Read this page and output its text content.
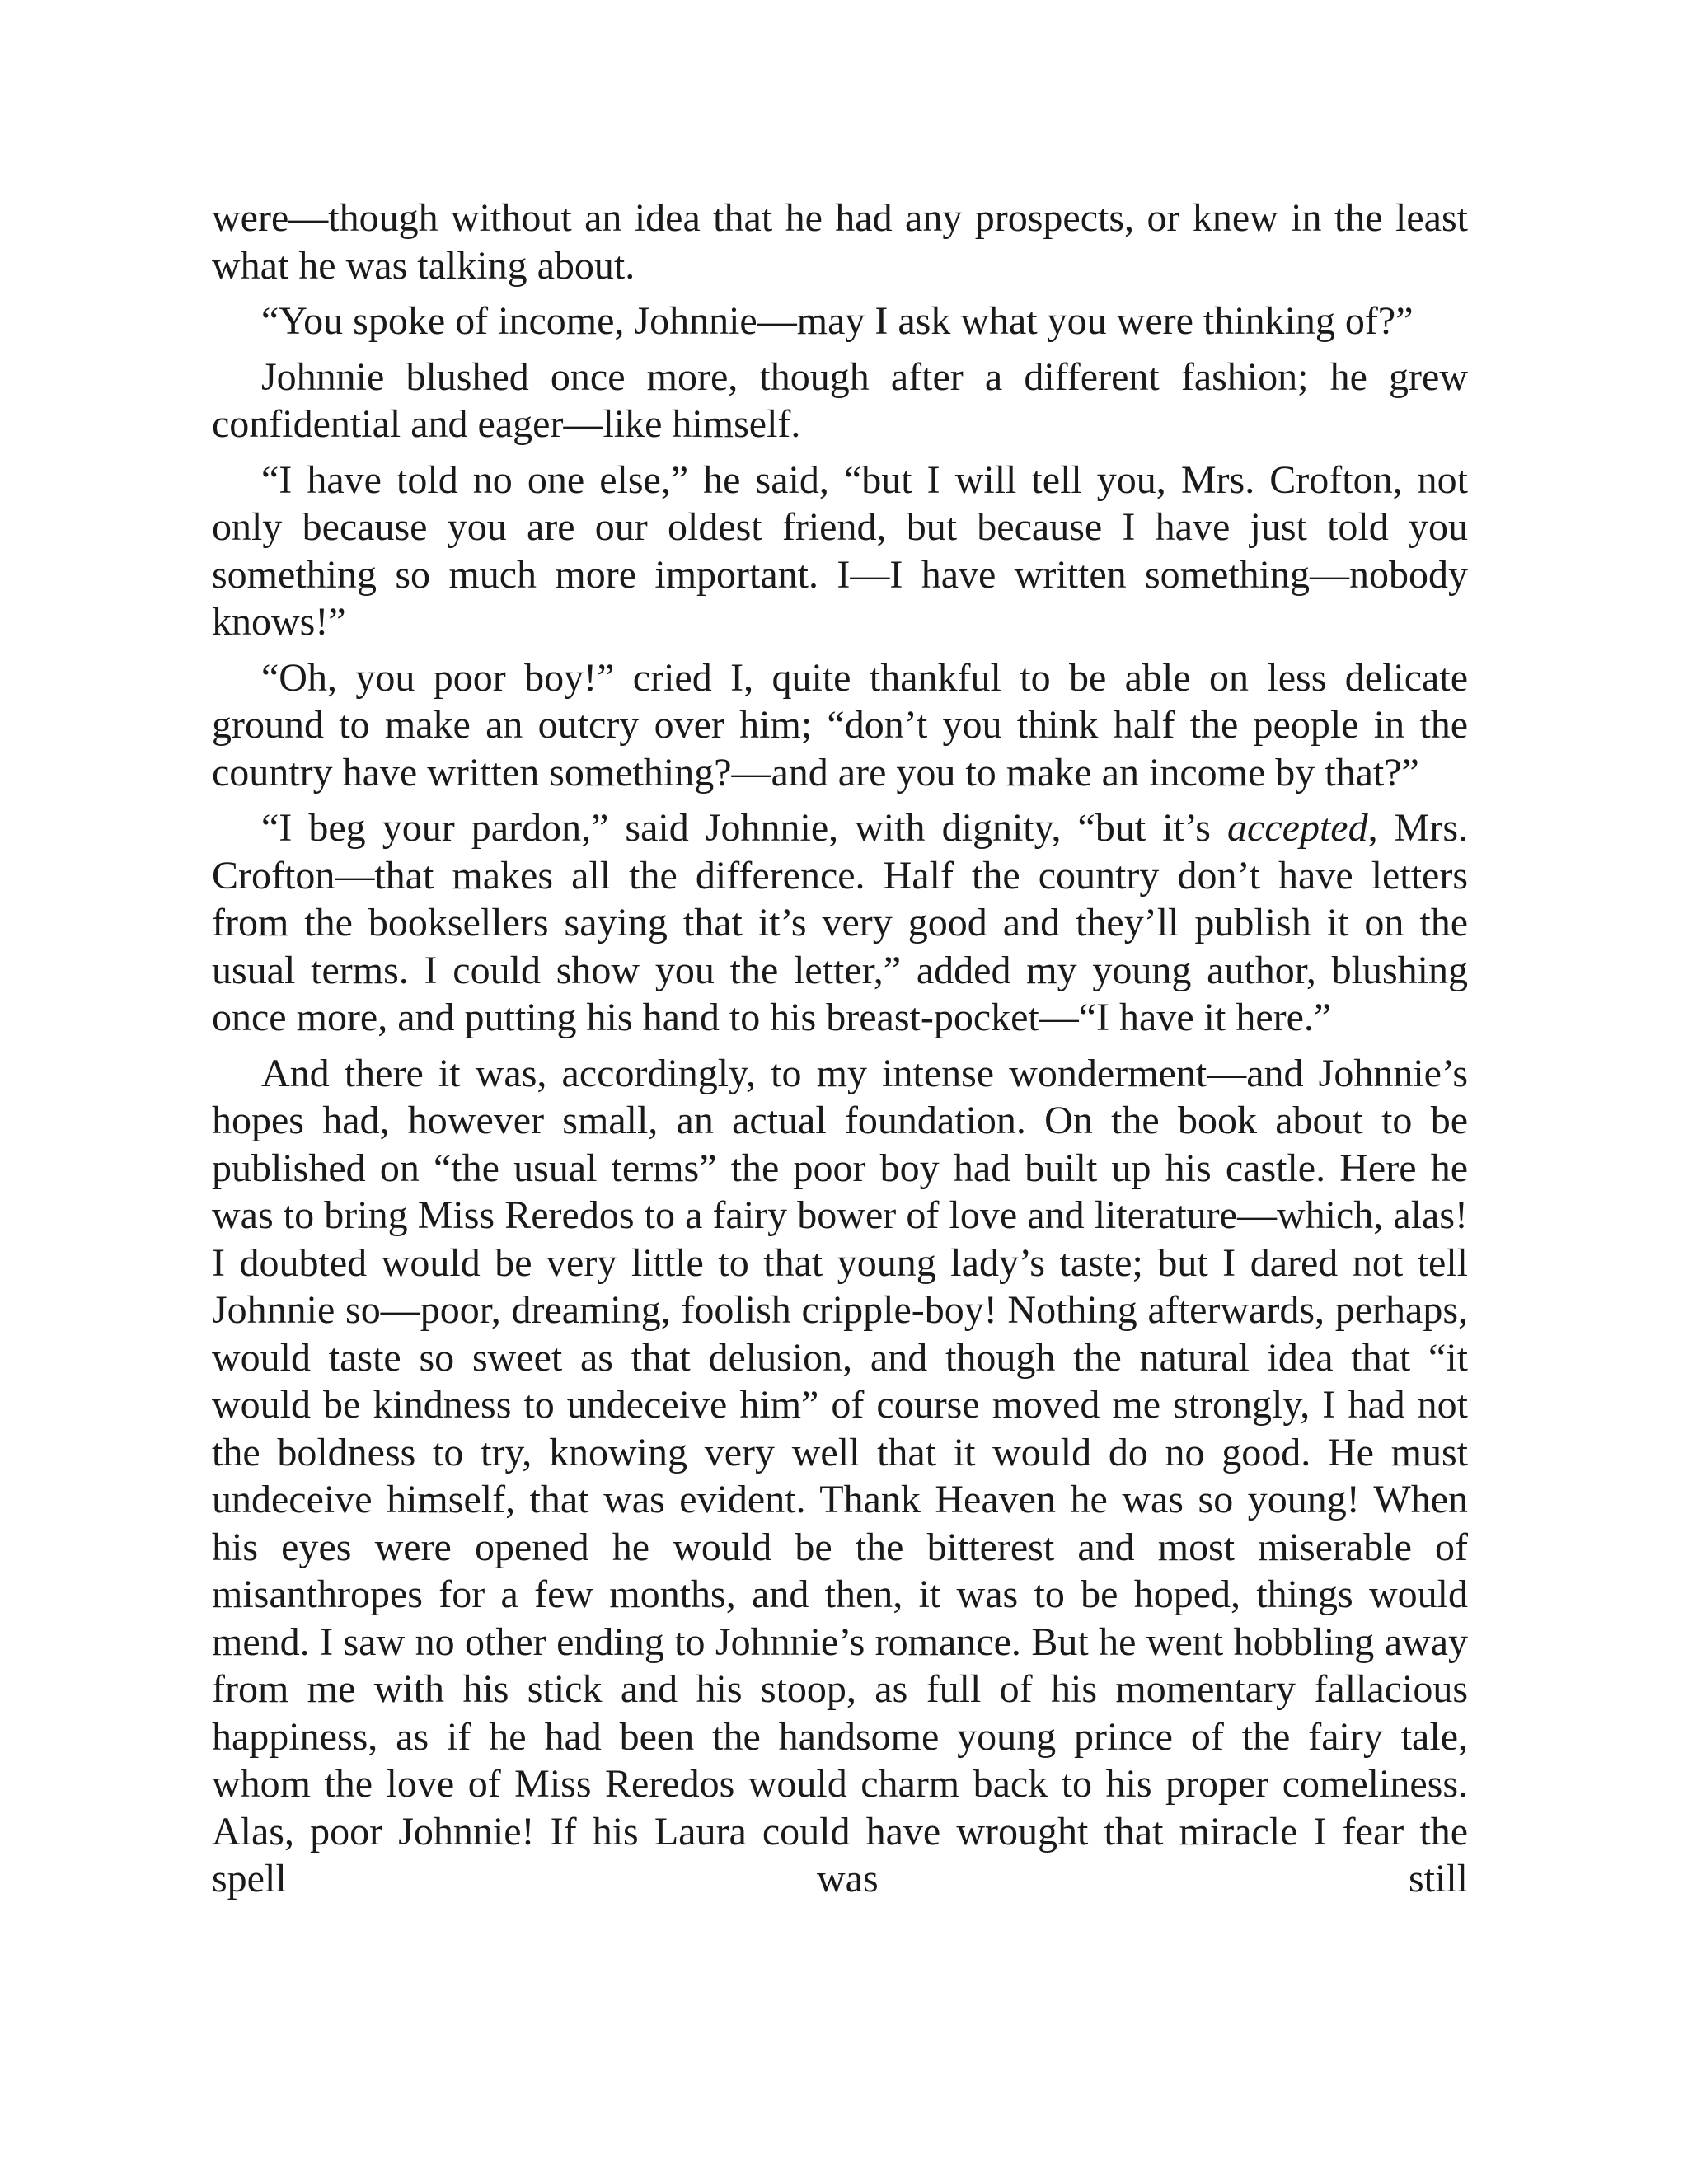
were—though without an idea that he had any prospects, or knew in the least what he was talking about.

“You spoke of income, Johnnie—may I ask what you were thinking of?”

Johnnie blushed once more, though after a different fashion; he grew confidential and eager—like himself.

“I have told no one else,” he said, “but I will tell you, Mrs. Crofton, not only because you are our oldest friend, but because I have just told you something so much more important. I—I have written something—nobody knows!”

“Oh, you poor boy!” cried I, quite thankful to be able on less delicate ground to make an outcry over him; “don’t you think half the people in the country have written something?—and are you to make an income by that?”

“I beg your pardon,” said Johnnie, with dignity, “but it’s accepted, Mrs. Crofton—that makes all the difference. Half the country don’t have letters from the booksellers saying that it’s very good and they’ll publish it on the usual terms. I could show you the letter,” added my young author, blushing once more, and putting his hand to his breast-pocket—“I have it here.”

And there it was, accordingly, to my intense wonderment—and Johnnie’s hopes had, however small, an actual foundation. On the book about to be published on “the usual terms” the poor boy had built up his castle. Here he was to bring Miss Reredos to a fairy bower of love and literature—which, alas! I doubted would be very little to that young lady’s taste; but I dared not tell Johnnie so—poor, dreaming, foolish cripple-boy! Nothing afterwards, perhaps, would taste so sweet as that delusion, and though the natural idea that “it would be kindness to undeceive him” of course moved me strongly, I had not the boldness to try, knowing very well that it would do no good. He must undeceive himself, that was evident. Thank Heaven he was so young! When his eyes were opened he would be the bitterest and most miserable of misanthropes for a few months, and then, it was to be hoped, things would mend. I saw no other ending to Johnnie’s romance. But he went hobbling away from me with his stick and his stoop, as full of his momentary fallacious happiness, as if he had been the handsome young prince of the fairy tale, whom the love of Miss Reredos would charm back to his proper comeliness. Alas, poor Johnnie! If his Laura could have wrought that miracle I fear the spell was still
